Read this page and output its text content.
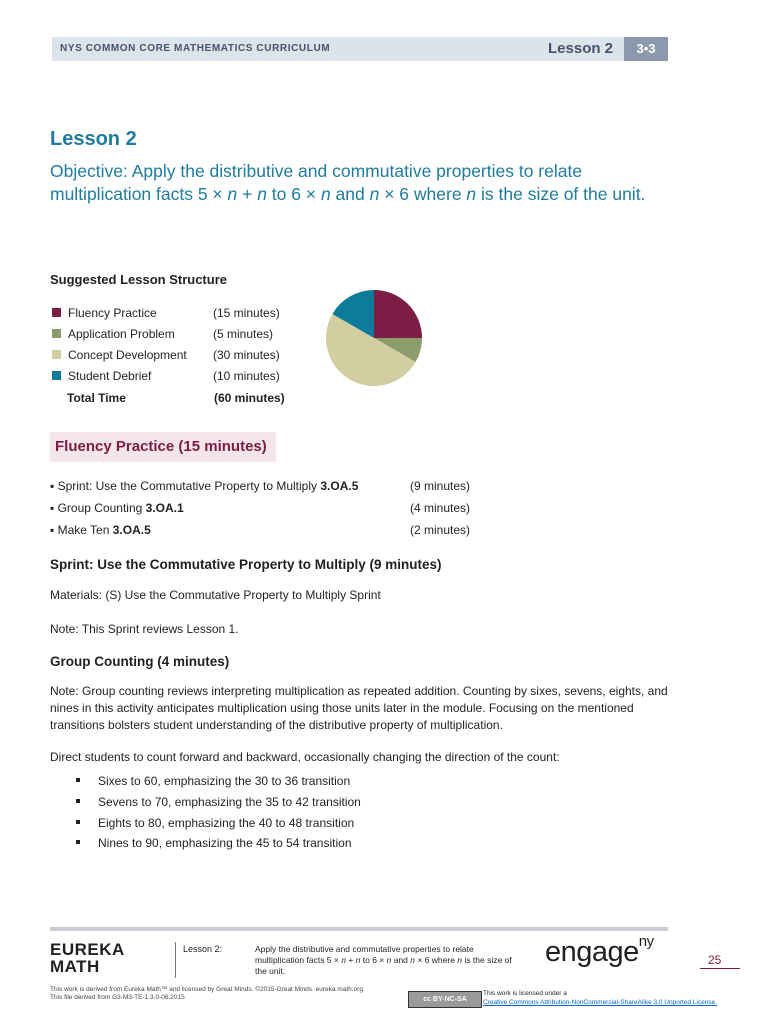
NYS COMMON CORE MATHEMATICS CURRICULUM	Lesson 2	3•3
Lesson 2
Objective: Apply the distributive and commutative properties to relate multiplication facts 5 × n + n to 6 × n and n × 6 where n is the size of the unit.
Suggested Lesson Structure
Fluency Practice	(15 minutes)
Application Problem	(5 minutes)
Concept Development (30 minutes)
Student Debrief	(10 minutes)
Total Time	(60 minutes)
Fluency Practice (15 minutes)
▪ Sprint: Use the Commutative Property to Multiply 3.OA.5	(9 minutes)
▪ Group Counting 3.OA.1	(4 minutes)
▪ Make Ten 3.OA.5	(2 minutes)
Sprint: Use the Commutative Property to Multiply (9 minutes)
Materials: (S) Use the Commutative Property to Multiply Sprint
Note: This Sprint reviews Lesson 1.
Group Counting (4 minutes)
Note: Group counting reviews interpreting multiplication as repeated addition. Counting by sixes, sevens, eights, and nines in this activity anticipates multiplication using those units later in the module. Focusing on the mentioned transitions bolsters student understanding of the distributive property of multiplication.
Direct students to count forward and backward, occasionally changing the direction of the count:
Sixes to 60, emphasizing the 30 to 36 transition
Sevens to 70, emphasizing the 35 to 42 transition
Eights to 80, emphasizing the 40 to 48 transition
Nines to 90, emphasizing the 45 to 54 transition
EUREKA
MATH
Lesson 2:	Apply the distributive and commutative properties to relate multiplication facts 5 × n + n to 6 × n and n × 6 where n is the size of the unit.
engage$^{ny}$
25
This work is derived from Eureka Math™ and licensed by Great Minds. ©2015-Great Minds. eureka math.org
This file derived from G3-M3-TE-1.3.0-06.2015	cc BY-NC-SA
This work is licensed under a
Creative Commons Attribution-NonCommercial-ShareAlike 3.0 Unported License.
